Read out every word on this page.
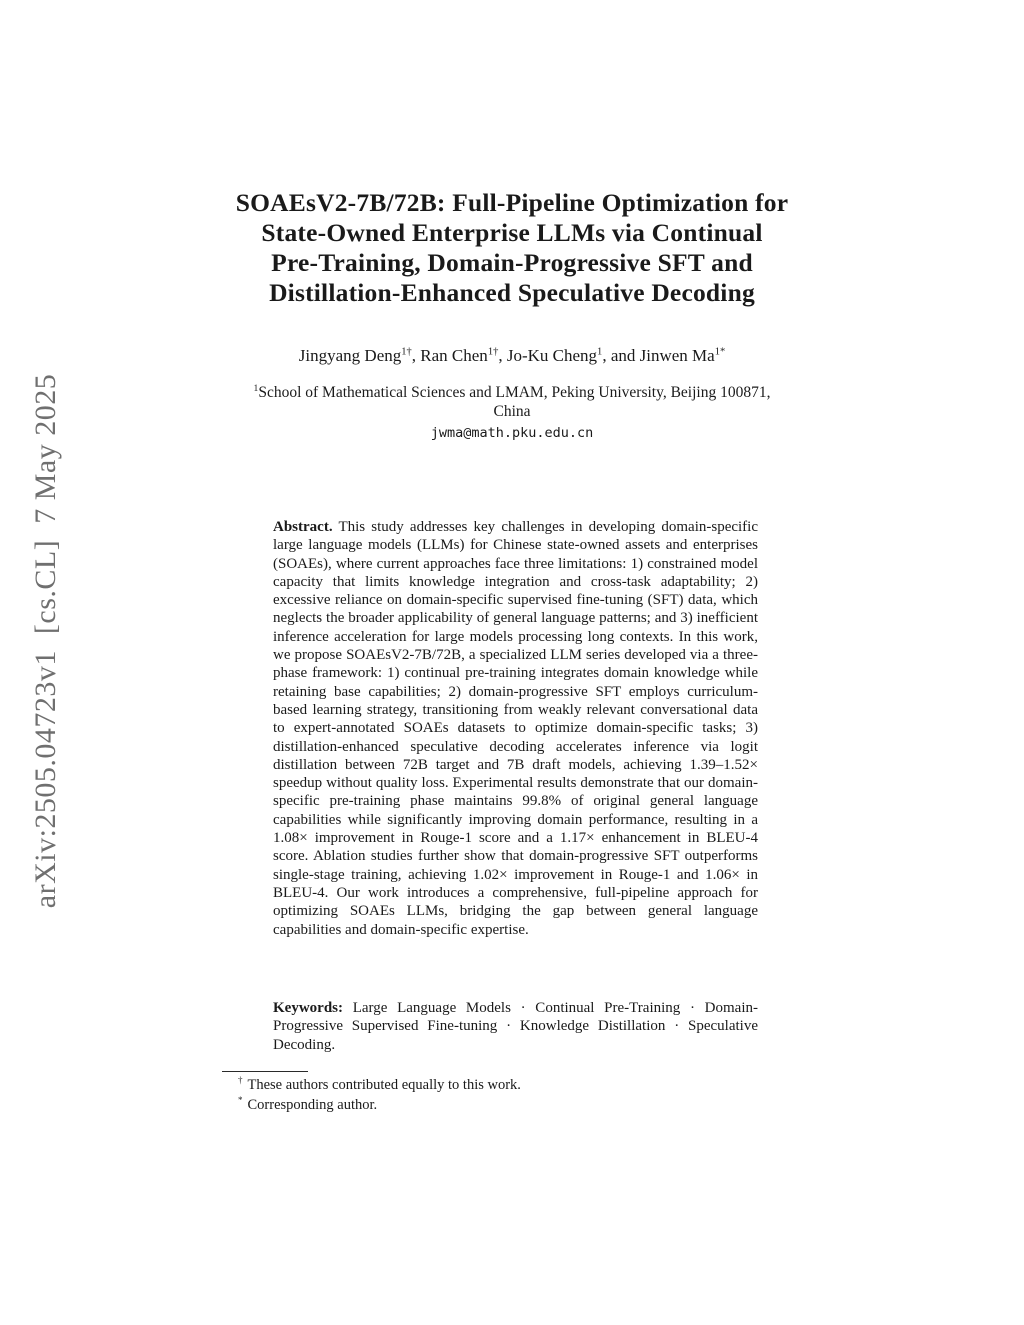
arXiv:2505.04723v1  [cs.CL]  7 May 2025
SOAEsV2-7B/72B: Full-Pipeline Optimization for
State-Owned Enterprise LLMs via Continual
Pre-Training, Domain-Progressive SFT and
Distillation-Enhanced Speculative Decoding
Jingyang Deng$^{1\dagger}$, Ran Chen$^{1\dagger}$, Jo-Ku Cheng$^1$, and Jinwen $Ma^{1*}$
$^1$School of Mathematical Sciences and LMAM, Peking University, Beijing 100871,
China
jwma@math.pku.edu.cn
Abstract. This study addresses key challenges in developing domain-specific large language models (LLMs) for Chinese state-owned assets and enterprises (SOAEs), where current approaches face three limitations: 1) constrained model capacity that limits knowledge integration and cross-task adaptability; 2) excessive reliance on domain-specific supervised fine-tuning (SFT) data, which neglects the broader applicability of general language patterns; and 3) inefficient inference acceleration for large models processing long contexts. In this work, we propose SOAEsV2-7B/72B, a specialized LLM series developed via a three-phase framework: 1) continual pre-training integrates domain knowledge while retaining base capabilities; 2) domain-progressive SFT employs curriculum-based learning strategy, transitioning from weakly relevant conversational data to expert-annotated SOAEs datasets to optimize domain-specific tasks; 3) distillation-enhanced speculative decoding accelerates inference via logit distillation between 72B target and 7B draft models, achieving 1.39–1.52× speedup without quality loss. Experimental results demonstrate that our domain-specific pre-training phase maintains 99.8% of original general language capabilities while significantly improving domain performance, resulting in a 1.08× improvement in Rouge-1 score and a 1.17× enhancement in BLEU-4 score. Ablation studies further show that domain-progressive SFT outperforms single-stage training, achieving 1.02× improvement in Rouge-1 and 1.06× in BLEU-4. Our work introduces a comprehensive, full-pipeline approach for optimizing SOAEs LLMs, bridging the gap between general language capabilities and domain-specific expertise.
Keywords: Large Language Models · Continual Pre-Training · Domain-Progressive Supervised Fine-tuning · Knowledge Distillation · Speculative Decoding.
† These authors contributed equally to this work.
* Corresponding author.
